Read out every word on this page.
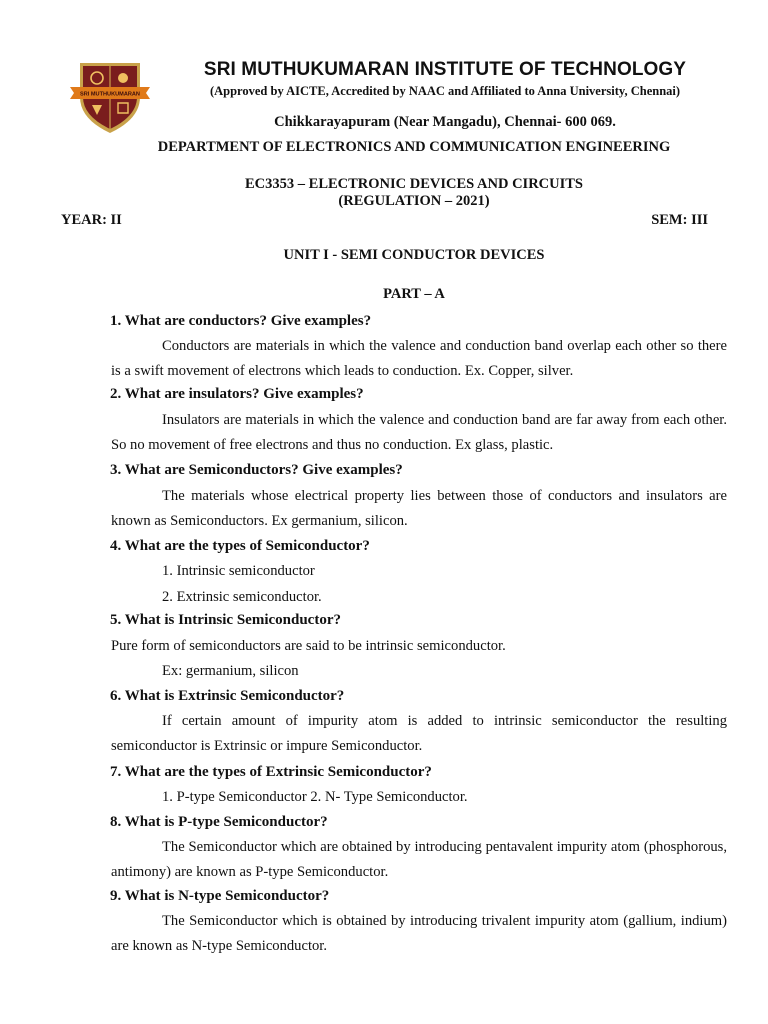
SRI MUTHUKUMARAN

SRI MUTHUKUMARAN INSTITUTE OF TECHNOLOGY

(Approved by AICTE, Accredited by NAAC and Affiliated to Anna University, Chennai)

Chikkarayapuram (Near Mangadu), Chennai- 600 069.

DEPARTMENT OF ELECTRONICS AND COMMUNICATION ENGINEERING

EC3353 – ELECTRONIC DEVICES AND CIRCUITS
(REGULATION – 2021)

YEAR: II	SEM: III

UNIT I - SEMI CONDUCTOR DEVICES

PART – A

1. What are conductors? Give examples?

Conductors are materials in which the valence and conduction band overlap each other so there is a swift movement of electrons which leads to conduction. Ex. Copper, silver.

2. What are insulators? Give examples?

Insulators are materials in which the valence and conduction band are far away from each other. So no movement of free electrons and thus no conduction. Ex glass, plastic.

3. What are Semiconductors? Give examples?

The materials whose electrical property lies between those of conductors and insulators are known as Semiconductors. Ex germanium, silicon.

4. What are the types of Semiconductor?

1. Intrinsic semiconductor

2. Extrinsic semiconductor.

5. What is Intrinsic Semiconductor?

Pure form of semiconductors are said to be intrinsic semiconductor.

Ex: germanium, silicon

6. What is Extrinsic Semiconductor?

If certain amount of impurity atom is added to intrinsic semiconductor the resulting semiconductor is Extrinsic or impure Semiconductor.

7. What are the types of Extrinsic Semiconductor?

1. P-type Semiconductor 2. N- Type Semiconductor.

8. What is P-type Semiconductor?

The Semiconductor which are obtained by introducing pentavalent impurity atom (phosphorous, antimony) are known as P-type Semiconductor.

9. What is N-type Semiconductor?

The Semiconductor which is obtained by introducing trivalent impurity atom (gallium, indium) are known as N-type Semiconductor.
